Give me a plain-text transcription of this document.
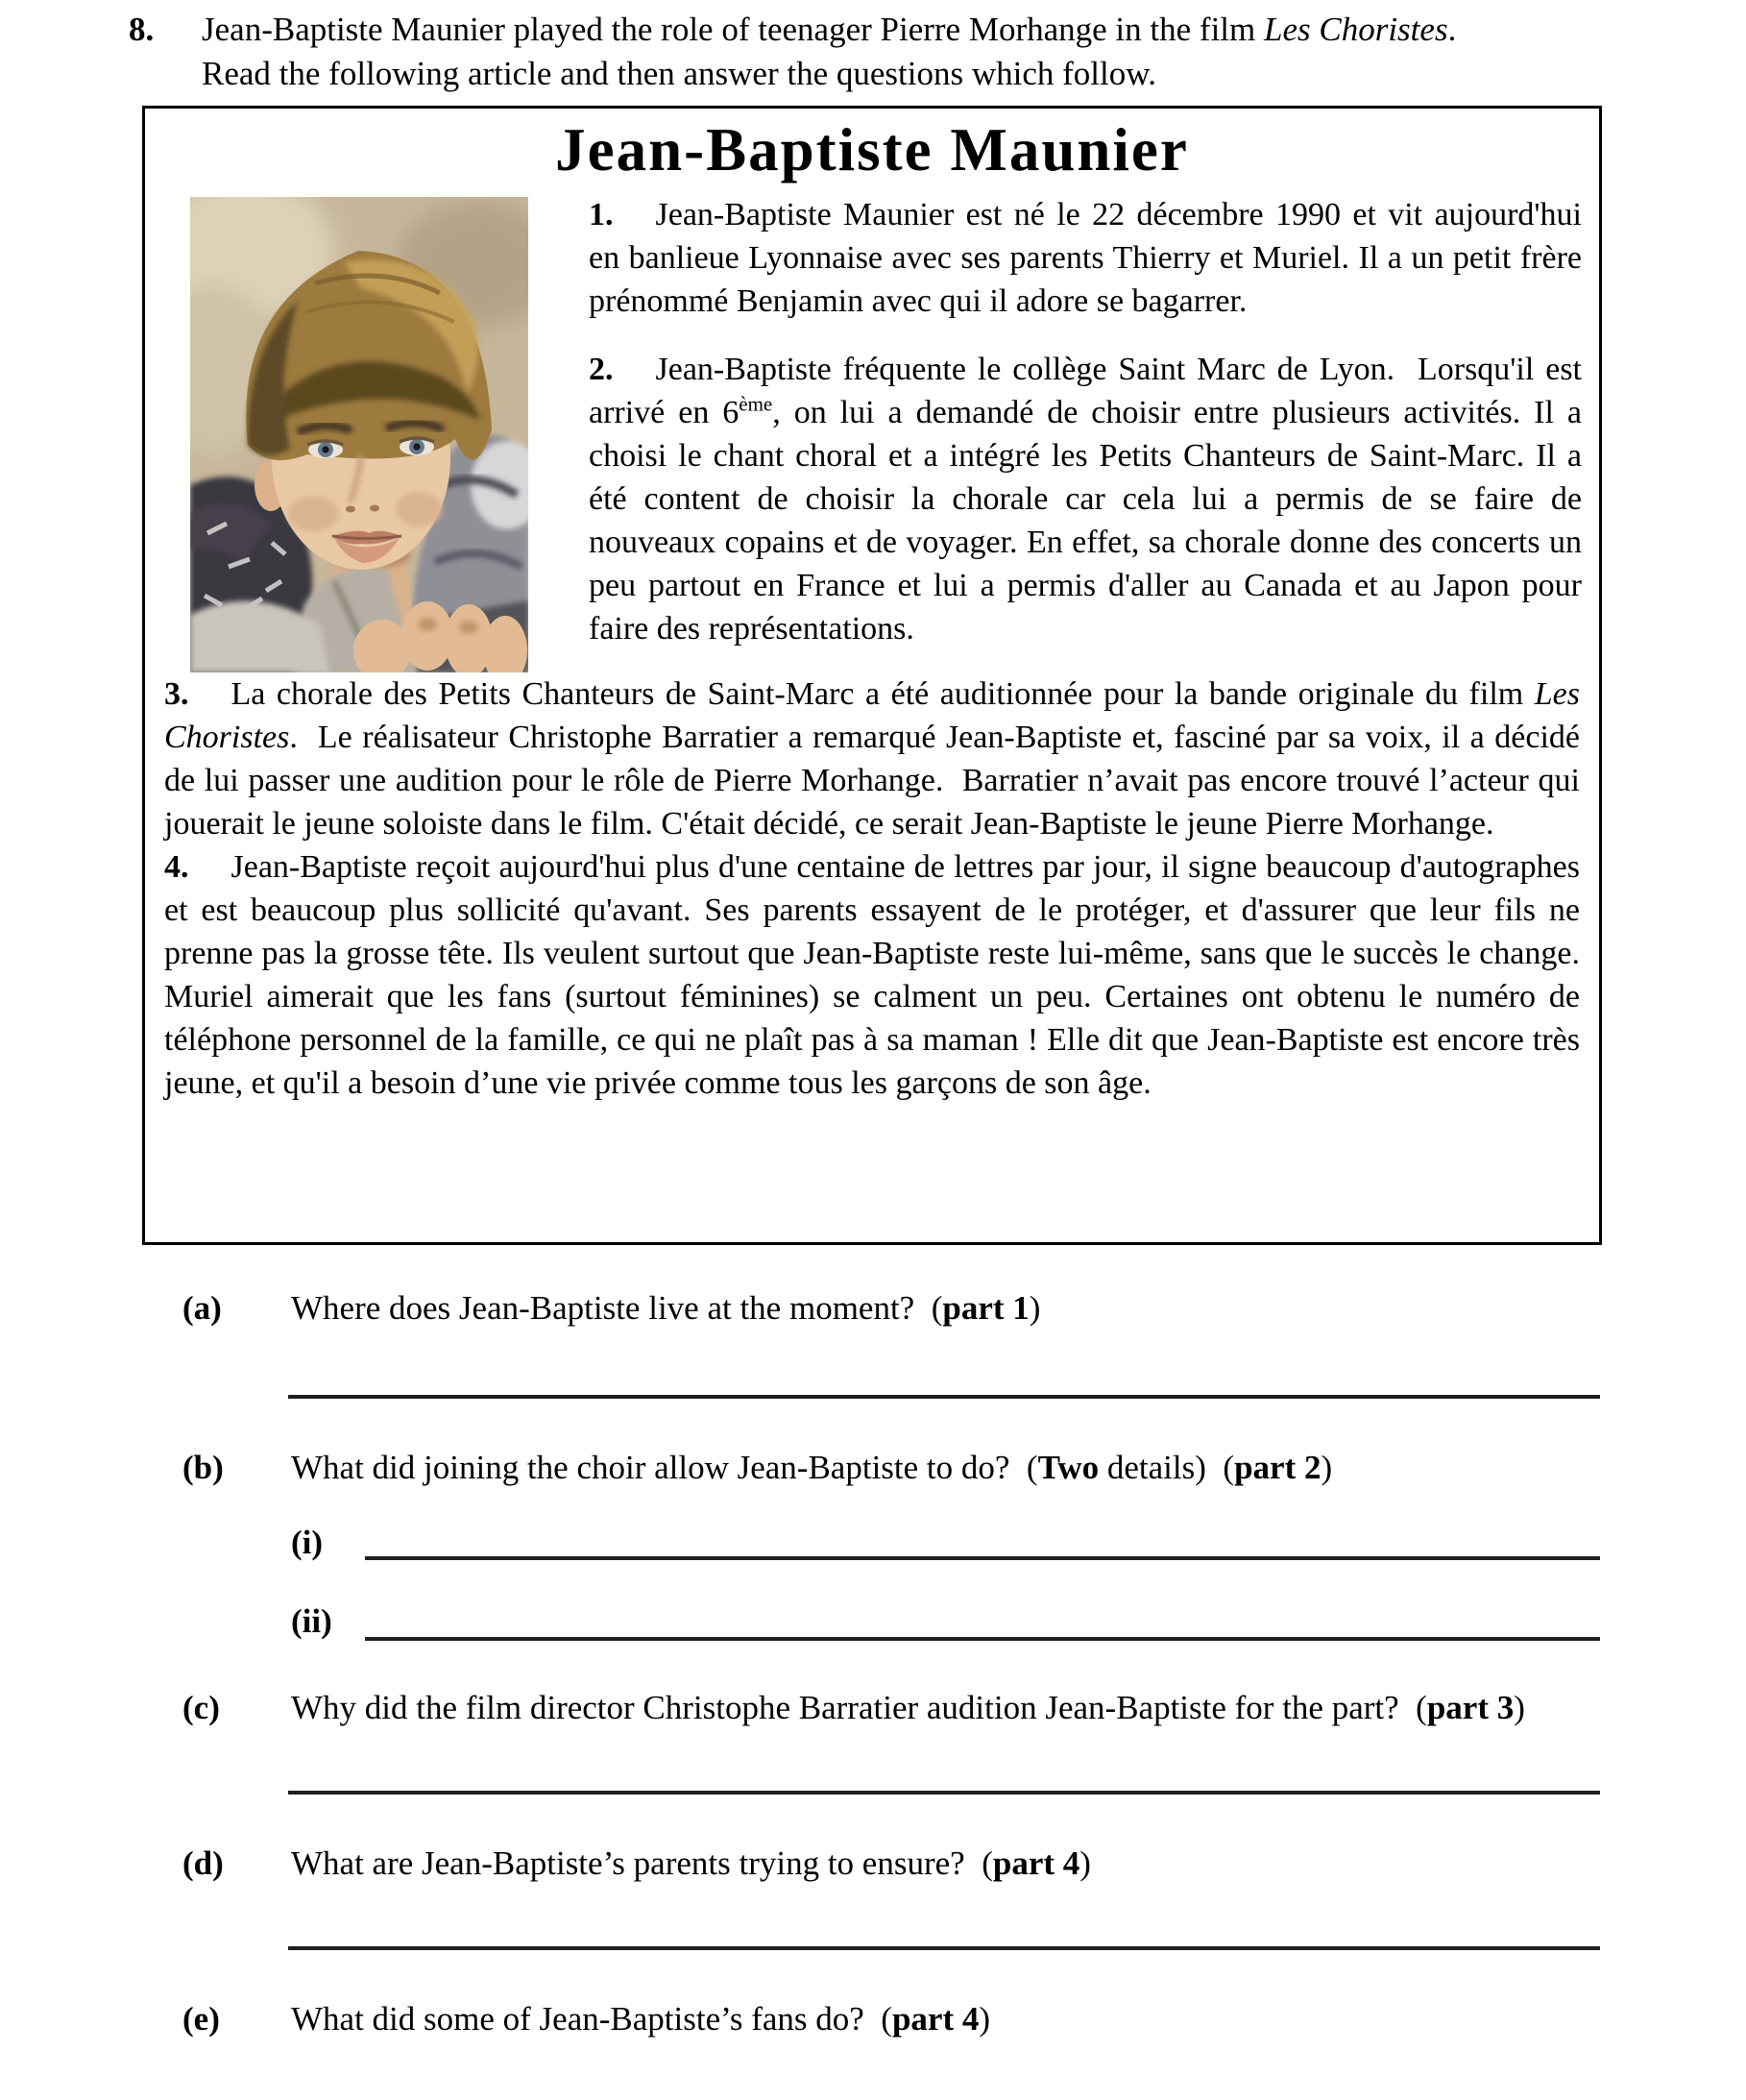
8.	Jean-Baptiste Maunier played the role of teenager Pierre Morhange in the film Les Choristes.
Read the following article and then answer the questions which follow.
Jean-Baptiste Maunier

1. Jean-Baptiste Maunier est né le 22 décembre 1990 et vit aujourd'hui en banlieue Lyonnaise avec ses parents Thierry et Muriel. Il a un petit frère prénommé Benjamin avec qui il adore se bagarrer.

2. Jean-Baptiste fréquente le collège Saint Marc de Lyon.  Lorsqu'il est arrivé en 6ème, on lui a demandé de choisir entre plusieurs activités. Il a choisi le chant choral et a intégré les Petits Chanteurs de Saint-Marc. Il a été content de choisir la chorale car cela lui a permis de se faire de nouveaux copains et de voyager. En effet, sa chorale donne des concerts un peu partout en France et lui a permis d'aller au Canada et au Japon pour faire des représentations.

3. La chorale des Petits Chanteurs de Saint-Marc a été auditionnée pour la bande originale du film Les Choristes.  Le réalisateur Christophe Barratier a remarqué Jean-Baptiste et, fasciné par sa voix, il a décidé de lui passer une audition pour le rôle de Pierre Morhange.  Barratier n’avait pas encore trouvé l’acteur qui jouerait le jeune soloiste dans le film. C'était décidé, ce serait Jean-Baptiste le jeune Pierre Morhange.

4. Jean-Baptiste reçoit aujourd'hui plus d'une centaine de lettres par jour, il signe beaucoup d'autographes et est beaucoup plus sollicité qu'avant. Ses parents essayent de le protéger, et d'assurer que leur fils ne prenne pas la grosse tête. Ils veulent surtout que Jean-Baptiste reste lui-même, sans que le succès le change. Muriel aimerait que les fans (surtout féminines) se calment un peu. Certaines ont obtenu le numéro de téléphone personnel de la famille, ce qui ne plaît pas à sa maman ! Elle dit que Jean-Baptiste est encore très jeune, et qu'il a besoin d’une vie privée comme tous les garçons de son âge.

(a)	Where does Jean-Baptiste live at the moment?  (part 1)
(b)	What did joining the choir allow Jean-Baptiste to do?  (Two details)  (part 2)
(i)
(ii)
(c)	Why did the film director Christophe Barratier audition Jean-Baptiste for the part?  (part 3)
(d)	What are Jean-Baptiste’s parents trying to ensure?  (part 4)
(e)	What did some of Jean-Baptiste’s fans do?  (part 4)
